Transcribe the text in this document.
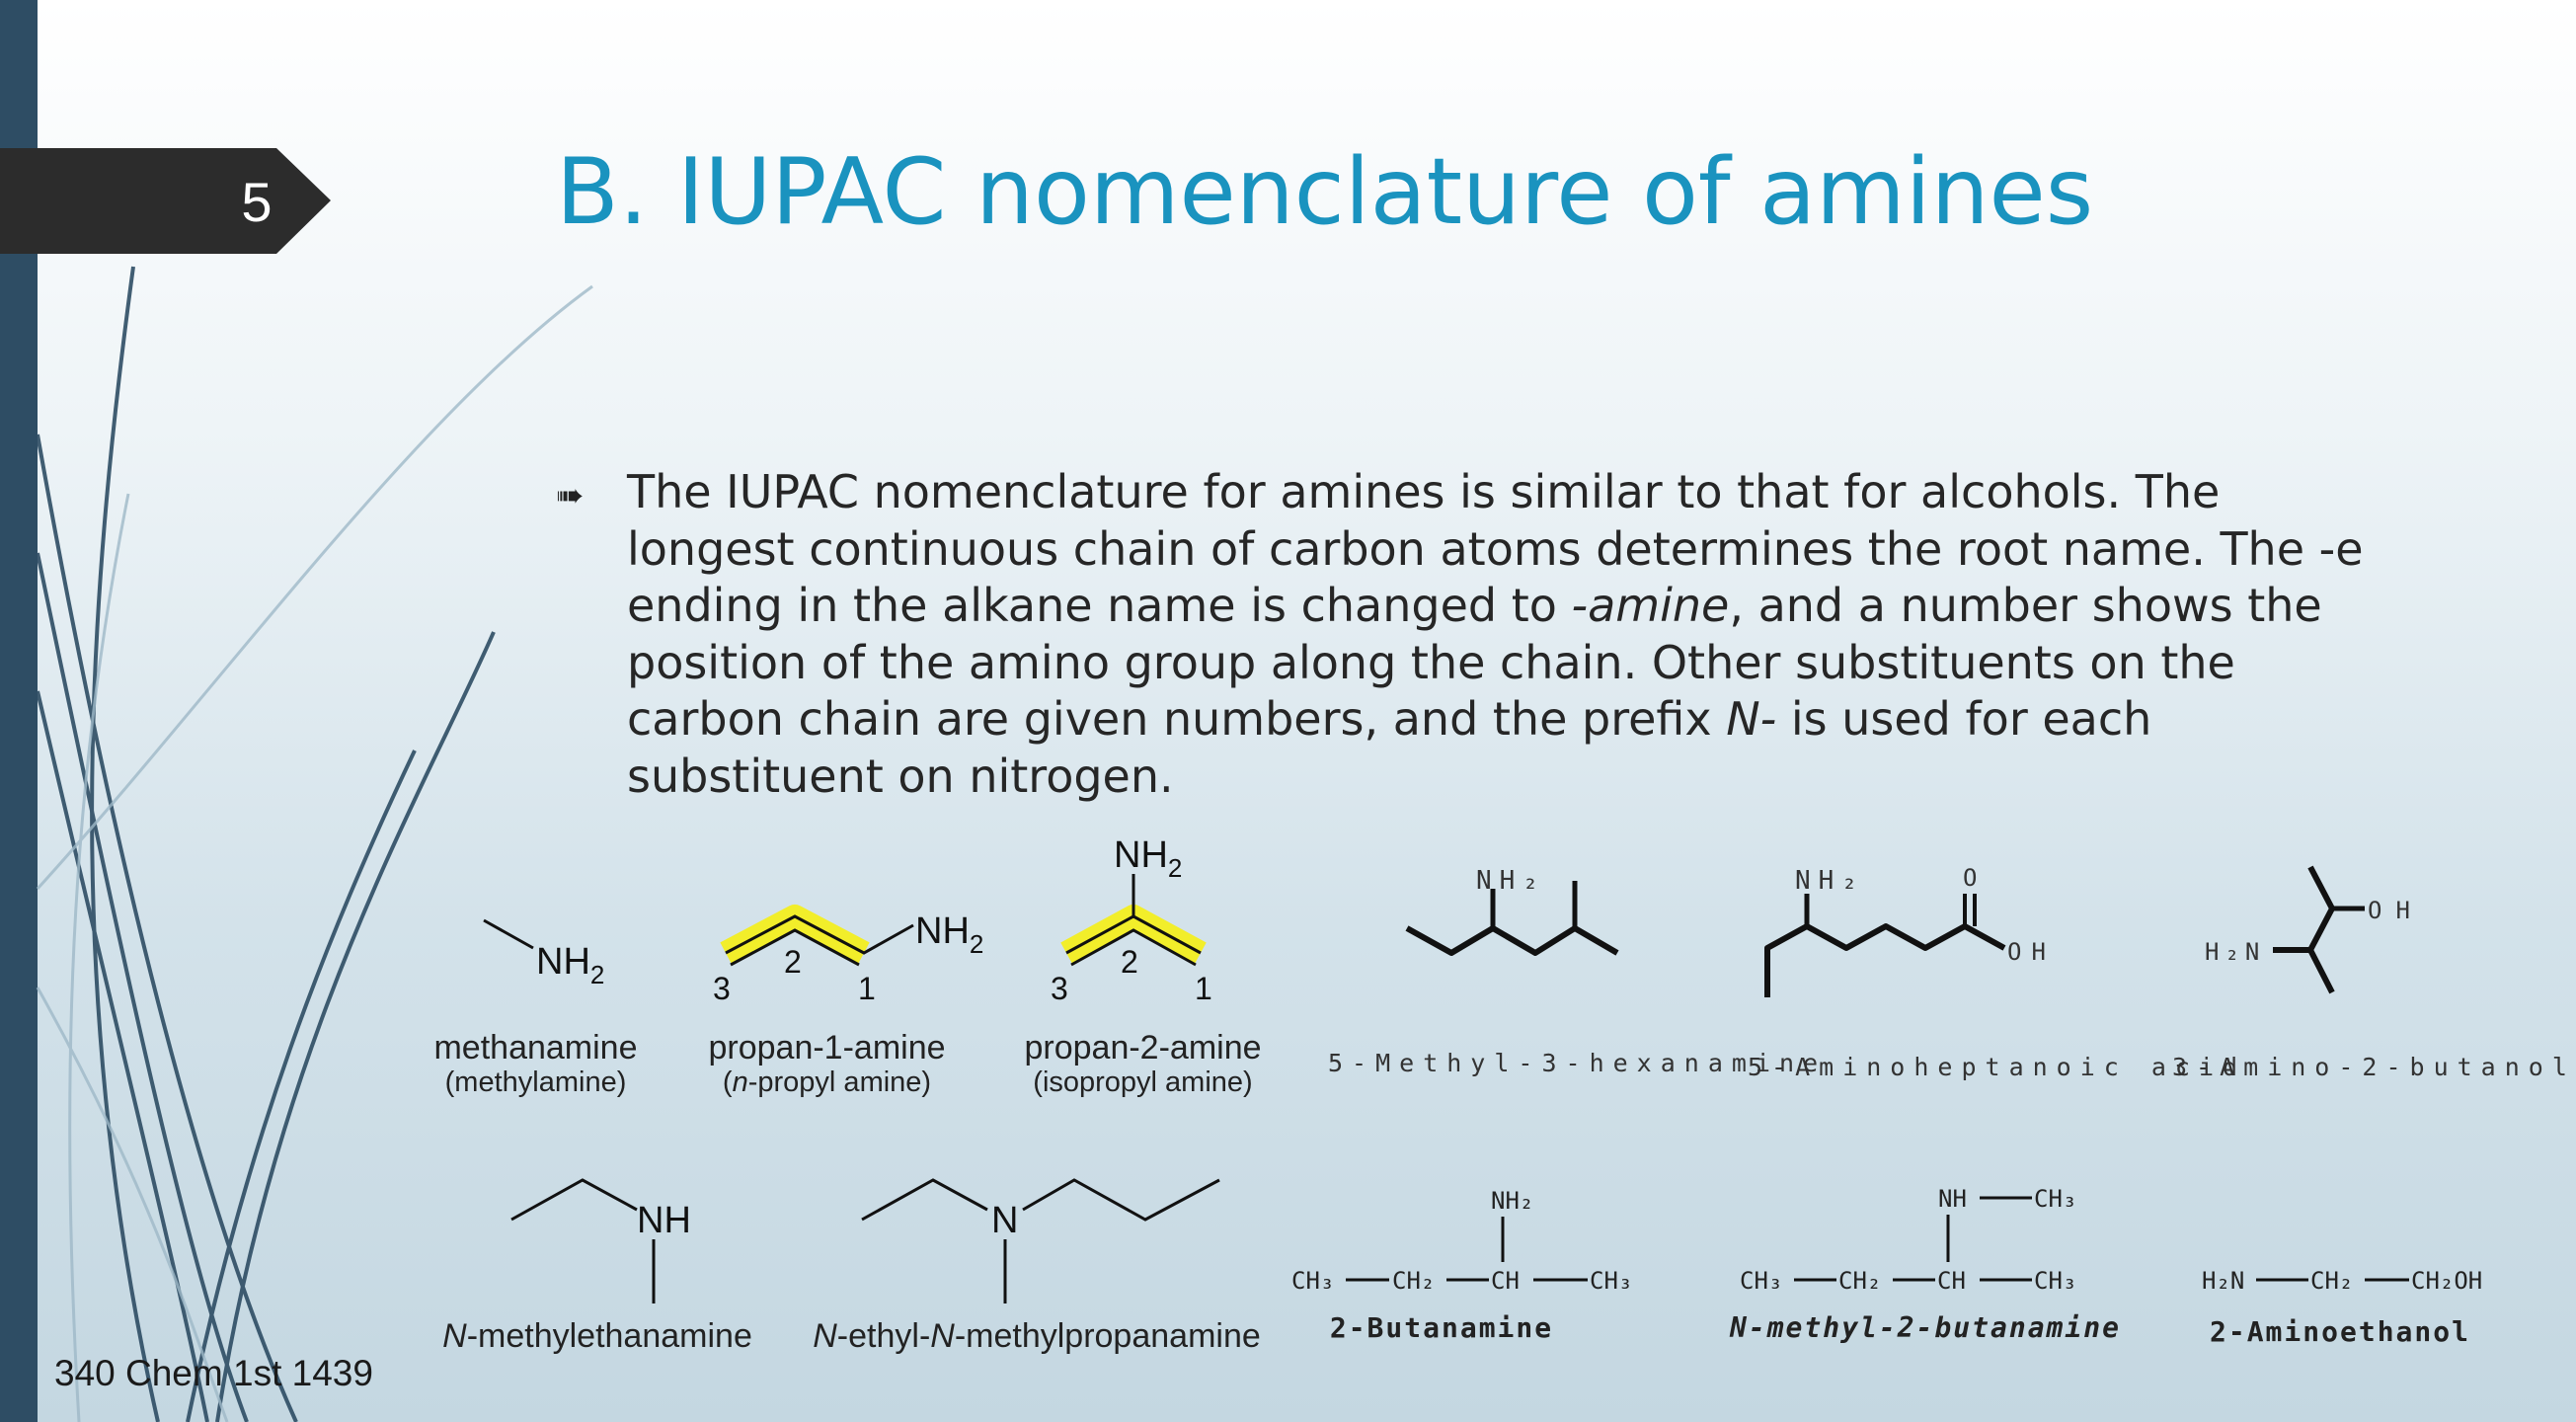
5	B. IUPAC nomenclature of amines
➠ The IUPAC nomenclature for amines is similar to that for alcohols. The longest continuous chain of carbon atoms determines the root name. The -e ending in the alkane name is changed to -amine, and a number shows the position of the amino group along the chain. Other substituents on the carbon chain are given numbers, and the prefix N- is used for each substituent on nitrogen.

$NH_2$
$NH_2$
3
2
1
$NH_2$
3
2
1
NH₂	NH₂	O
OH
OH
H₂N
NH	N	NH₂
CH₃ CH₂ CH	CH₃
NH	CH₃
CH₃ CH₂ CH	CH₃	H₂N	CH₂ CH₂OH
methanamine
(methylamine)
propan-1-amine
(n-propyl amine)
propan-2-amine
(isopropyl amine)
5-Methyl-3-hexanamine
5-Aminoheptanoic acid
3-Amino-2-butanol
N-methylethanamine	N-ethyl-N-methylpropanamine	2-Butanamine	N-methyl-2-butanamine	2-Aminoethanol
340 Chem 1st 1439
